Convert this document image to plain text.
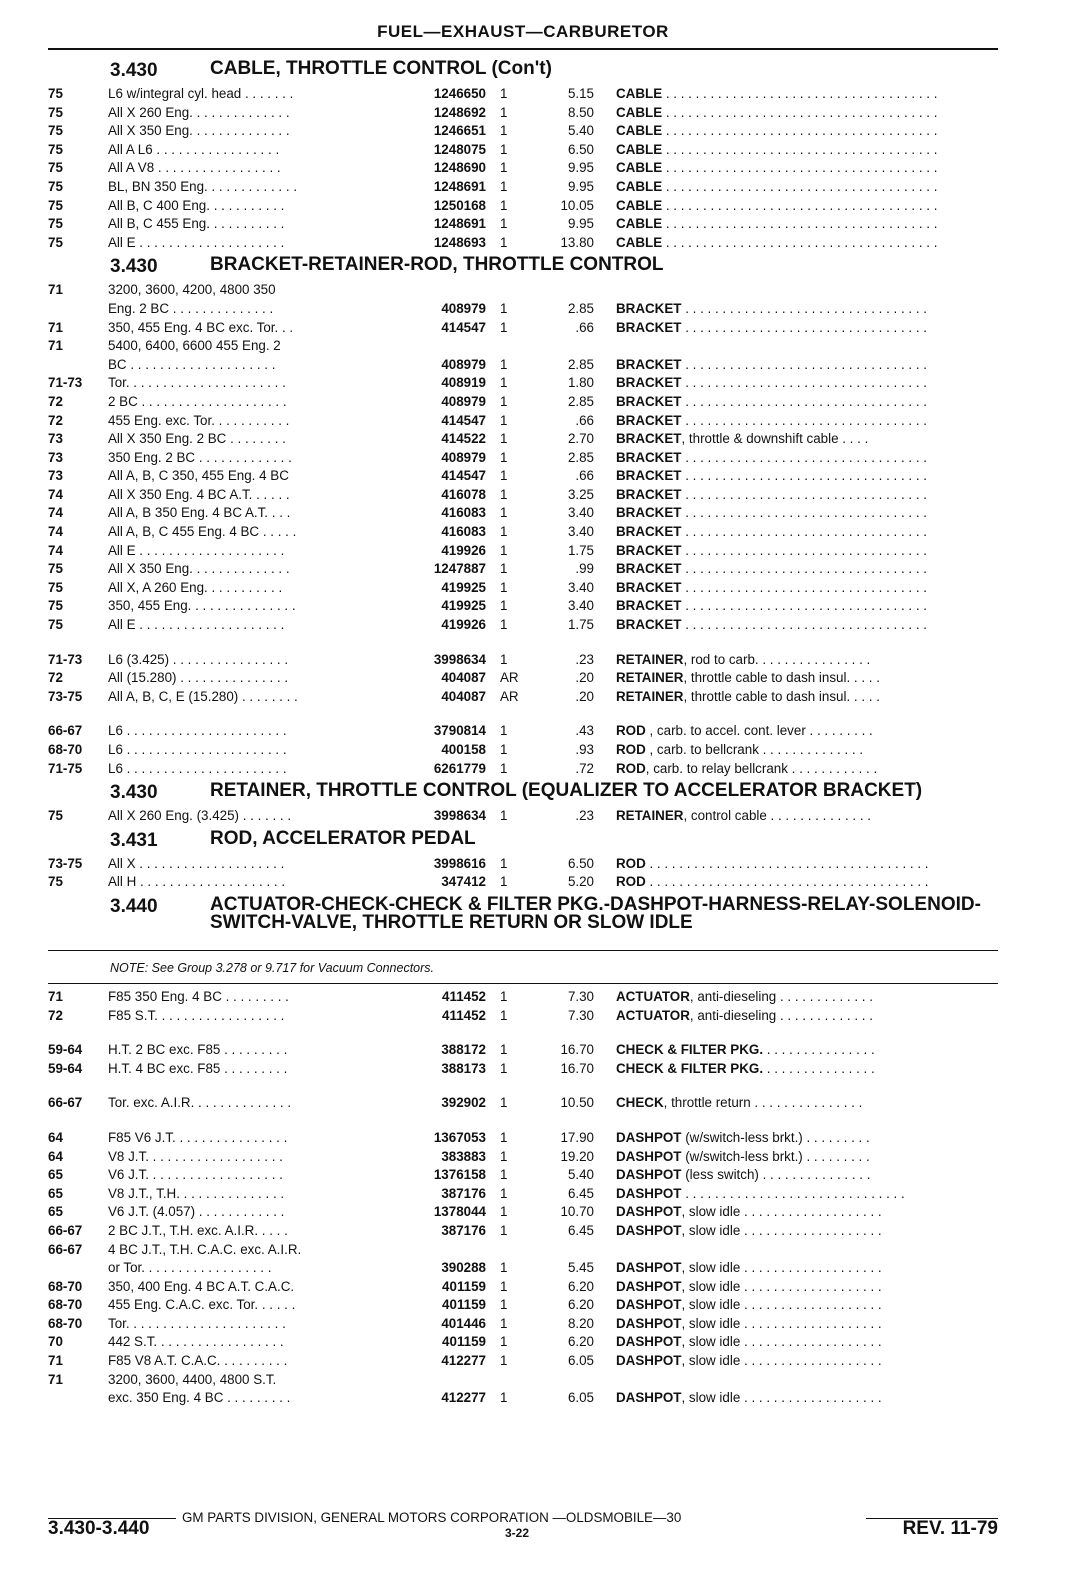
FUEL—EXHAUST—CARBURETOR
3.430	CABLE, THROTTLE CONTROL (Con't)
75	L6 w/integral cyl. head . . . . . . .	1246650	1	5.15	CABLE . . . . . . . . . . . . . . . . . . . . . . . . . . . . . . . . . . . . .
75	All X 260 Eng. . . . . . . . . . . . . .	1248692	1	8.50	CABLE . . . . . . . . . . . . . . . . . . . . . . . . . . . . . . . . . . . . .
75	All X 350 Eng. . . . . . . . . . . . . .	1246651	1	5.40	CABLE . . . . . . . . . . . . . . . . . . . . . . . . . . . . . . . . . . . . .
75	All A L6 . . . . . . . . . . . . . . . . .	1248075	1	6.50	CABLE . . . . . . . . . . . . . . . . . . . . . . . . . . . . . . . . . . . . .
75	All A V8 . . . . . . . . . . . . . . . . .	1248690	1	9.95	CABLE . . . . . . . . . . . . . . . . . . . . . . . . . . . . . . . . . . . . .
75	BL, BN 350 Eng. . . . . . . . . . . . .	1248691	1	9.95	CABLE . . . . . . . . . . . . . . . . . . . . . . . . . . . . . . . . . . . . .
75	All B, C 400 Eng. . . . . . . . . . .	1250168	1	10.05	CABLE . . . . . . . . . . . . . . . . . . . . . . . . . . . . . . . . . . . . .
75	All B, C 455 Eng. . . . . . . . . . .	1248691	1	9.95	CABLE . . . . . . . . . . . . . . . . . . . . . . . . . . . . . . . . . . . . .
75	All E . . . . . . . . . . . . . . . . . . . .	1248693	1	13.80	CABLE . . . . . . . . . . . . . . . . . . . . . . . . . . . . . . . . . . . . .
3.430	BRACKET-RETAINER-ROD, THROTTLE CONTROL
71	3200, 3600, 4200, 4800 350
Eng. 2 BC . . . . . . . . . . . . . .	408979	1	2.85	BRACKET . . . . . . . . . . . . . . . . . . . . . . . . . . . . . . . . .
71	350, 455 Eng. 4 BC exc. Tor. . .	414547	1	.66	BRACKET . . . . . . . . . . . . . . . . . . . . . . . . . . . . . . . . .
71	5400, 6400, 6600 455 Eng. 2
BC . . . . . . . . . . . . . . . . . . . .	408979	1	2.85	BRACKET . . . . . . . . . . . . . . . . . . . . . . . . . . . . . . . . .
71-73	Tor. . . . . . . . . . . . . . . . . . . . . .	408919	1	1.80	BRACKET . . . . . . . . . . . . . . . . . . . . . . . . . . . . . . . . .
72	2 BC . . . . . . . . . . . . . . . . . . . .	408979	1	2.85	BRACKET . . . . . . . . . . . . . . . . . . . . . . . . . . . . . . . . .
72	455 Eng. exc. Tor. . . . . . . . . . .	414547	1	.66	BRACKET . . . . . . . . . . . . . . . . . . . . . . . . . . . . . . . . .
73	All X 350 Eng. 2 BC . . . . . . . .	414522	1	2.70	BRACKET, throttle & downshift cable . . . .
73	350 Eng. 2 BC . . . . . . . . . . . . .	408979	1	2.85	BRACKET . . . . . . . . . . . . . . . . . . . . . . . . . . . . . . . . .
73	All A, B, C 350, 455 Eng. 4 BC	414547	1	.66	BRACKET . . . . . . . . . . . . . . . . . . . . . . . . . . . . . . . . .
74	All X 350 Eng. 4 BC A.T. . . . . .	416078	1	3.25	BRACKET . . . . . . . . . . . . . . . . . . . . . . . . . . . . . . . . .
74	All A, B 350 Eng. 4 BC A.T. . . .	416083	1	3.40	BRACKET . . . . . . . . . . . . . . . . . . . . . . . . . . . . . . . . .
74	All A, B, C 455 Eng. 4 BC . . . . .	416083	1	3.40	BRACKET . . . . . . . . . . . . . . . . . . . . . . . . . . . . . . . . .
74	All E . . . . . . . . . . . . . . . . . . . .	419926	1	1.75	BRACKET . . . . . . . . . . . . . . . . . . . . . . . . . . . . . . . . .
75	All X 350 Eng. . . . . . . . . . . . . .	1247887	1	.99	BRACKET . . . . . . . . . . . . . . . . . . . . . . . . . . . . . . . . .
75	All X, A 260 Eng. . . . . . . . . . .	419925	1	3.40	BRACKET . . . . . . . . . . . . . . . . . . . . . . . . . . . . . . . . .
75	350, 455 Eng. . . . . . . . . . . . . . .	419925	1	3.40	BRACKET . . . . . . . . . . . . . . . . . . . . . . . . . . . . . . . . .
75	All E . . . . . . . . . . . . . . . . . . . .	419926	1	1.75	BRACKET . . . . . . . . . . . . . . . . . . . . . . . . . . . . . . . . .
71-73	L6 (3.425) . . . . . . . . . . . . . . . .	3998634	1	.23	RETAINER, rod to carb. . . . . . . . . . . . . . . .
72	All (15.280) . . . . . . . . . . . . . . .	404087	AR	.20	RETAINER, throttle cable to dash insul. . . . .
73-75	All A, B, C, E (15.280) . . . . . . . .	404087	AR	.20	RETAINER, throttle cable to dash insul. . . . .
66-67	L6 . . . . . . . . . . . . . . . . . . . . . .	3790814	1	.43	ROD , carb. to accel. cont. lever . . . . . . . . .
68-70	L6 . . . . . . . . . . . . . . . . . . . . . .	400158	1	.93	ROD , carb. to bellcrank . . . . . . . . . . . . . .
71-75	L6 . . . . . . . . . . . . . . . . . . . . . .	6261779	1	.72	ROD, carb. to relay bellcrank . . . . . . . . . . . .
3.430	RETAINER, THROTTLE CONTROL (EQUALIZER TO ACCELERATOR BRACKET)
75	All X 260 Eng. (3.425) . . . . . . .	3998634	1	.23	RETAINER, control cable . . . . . . . . . . . . . .
3.431	ROD, ACCELERATOR PEDAL
73-75	All X . . . . . . . . . . . . . . . . . . . .	3998616	1	6.50	ROD . . . . . . . . . . . . . . . . . . . . . . . . . . . . . . . . . . . . . .
75	All H . . . . . . . . . . . . . . . . . . . .	347412	1	5.20	ROD . . . . . . . . . . . . . . . . . . . . . . . . . . . . . . . . . . . . . .
3.440	ACTUATOR-CHECK-CHECK & FILTER PKG.-DASHPOT-HARNESS-RELAY-SOLENOID-SWITCH-VALVE, THROTTLE RETURN OR SLOW IDLE
NOTE: See Group 3.278 or 9.717 for Vacuum Connectors.
71	F85 350 Eng. 4 BC . . . . . . . . .	411452	1	7.30	ACTUATOR, anti-dieseling . . . . . . . . . . . . .
72	F85 S.T. . . . . . . . . . . . . . . . . .	411452	1	7.30	ACTUATOR, anti-dieseling . . . . . . . . . . . . .
59-64	H.T. 2 BC exc. F85 . . . . . . . . .	388172	1	16.70	CHECK & FILTER PKG. . . . . . . . . . . . . . . .
59-64	H.T. 4 BC exc. F85 . . . . . . . . .	388173	1	16.70	CHECK & FILTER PKG. . . . . . . . . . . . . . . .
66-67	Tor. exc. A.I.R. . . . . . . . . . . . . .	392902	1	10.50	CHECK, throttle return . . . . . . . . . . . . . . .
64	F85 V6 J.T. . . . . . . . . . . . . . . .	1367053	1	17.90	DASHPOT (w/switch-less brkt.) . . . . . . . . .
64	V8 J.T. . . . . . . . . . . . . . . . . . .	383883	1	19.20	DASHPOT (w/switch-less brkt.) . . . . . . . . .
65	V6 J.T. . . . . . . . . . . . . . . . . . .	1376158	1	5.40	DASHPOT (less switch) . . . . . . . . . . . . . . .
65	V8 J.T., T.H. . . . . . . . . . . . . . .	387176	1	6.45	DASHPOT . . . . . . . . . . . . . . . . . . . . . . . . . . . . . .
65	V6 J.T. (4.057) . . . . . . . . . . . .	1378044	1	10.70	DASHPOT, slow idle . . . . . . . . . . . . . . . . . . .
66-67	2 BC J.T., T.H. exc. A.I.R. . . . .	387176	1	6.45	DASHPOT, slow idle . . . . . . . . . . . . . . . . . . .
66-67	4 BC J.T., T.H. C.A.C. exc. A.I.R.
or Tor. . . . . . . . . . . . . . . . . .	390288	1	5.45	DASHPOT, slow idle . . . . . . . . . . . . . . . . . . .
68-70	350, 400 Eng. 4 BC A.T. C.A.C.	401159	1	6.20	DASHPOT, slow idle . . . . . . . . . . . . . . . . . . .
68-70	455 Eng. C.A.C. exc. Tor. . . . . .	401159	1	6.20	DASHPOT, slow idle . . . . . . . . . . . . . . . . . . .
68-70	Tor. . . . . . . . . . . . . . . . . . . . . .	401446	1	8.20	DASHPOT, slow idle . . . . . . . . . . . . . . . . . . .
70	442 S.T. . . . . . . . . . . . . . . . . .	401159	1	6.20	DASHPOT, slow idle . . . . . . . . . . . . . . . . . . .
71	F85 V8 A.T. C.A.C. . . . . . . . . .	412277	1	6.05	DASHPOT, slow idle . . . . . . . . . . . . . . . . . . .
71	3200, 3600, 4400, 4800 S.T.
exc. 350 Eng. 4 BC . . . . . . . . .	412277	1	6.05	DASHPOT, slow idle . . . . . . . . . . . . . . . . . . .
GM PARTS DIVISION, GENERAL MOTORS CORPORATION —OLDSMOBILE—30
3.430-3.440	3-22	REV. 11-79
